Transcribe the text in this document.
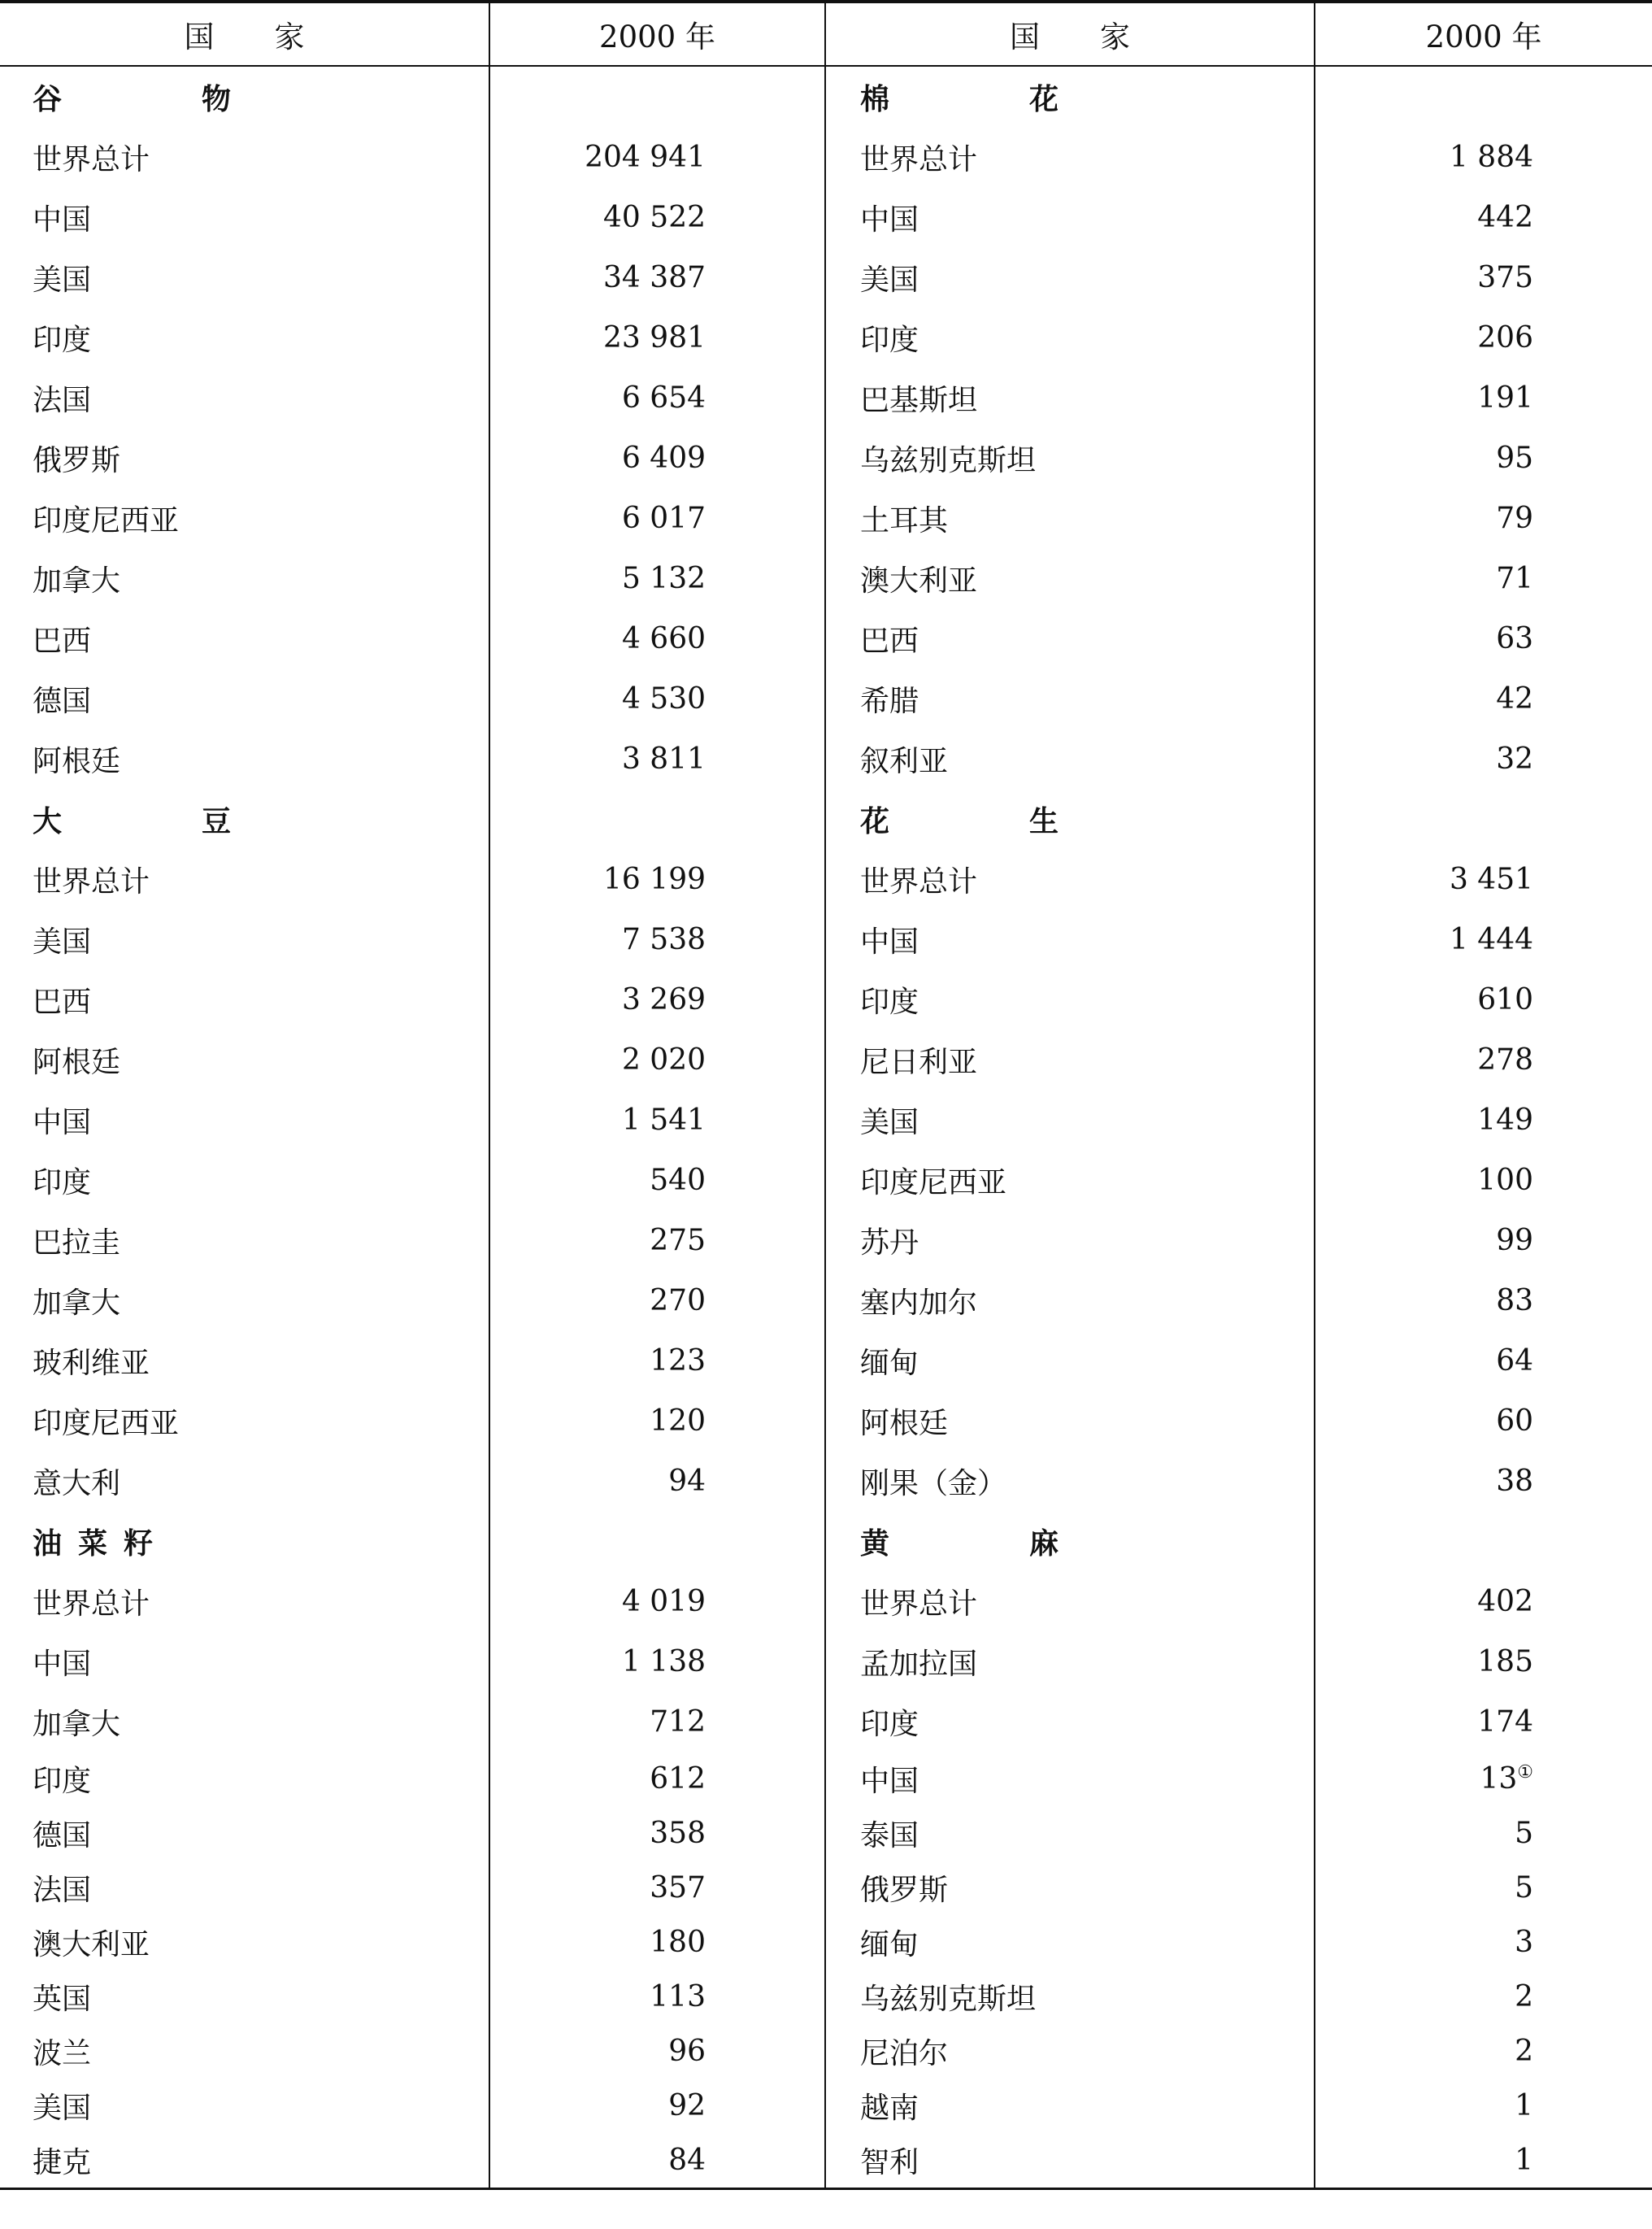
国　　家	2000 年	国　　家	2000 年
谷　物		棉　花	
世界总计	204 941	世界总计	1 884
中国	40 522	中国	442
美国	34 387	美国	375
印度	23 981	印度	206
法国	6 654	巴基斯坦	191
俄罗斯	6 409	乌兹别克斯坦	95
印度尼西亚	6 017	土耳其	79
加拿大	5 132	澳大利亚	71
巴西	4 660	巴西	63
德国	4 530	希腊	42
阿根廷	3 811	叙利亚	32
大　豆		花　生	
世界总计	16 199	世界总计	3 451
美国	7 538	中国	1 444
巴西	3 269	印度	610
阿根廷	2 020	尼日利亚	278
中国	1 541	美国	149
印度	540	印度尼西亚	100
巴拉圭	275	苏丹	99
加拿大	270	塞内加尔	83
玻利维亚	123	缅甸	64
印度尼西亚	120	阿根廷	60
意大利	94	刚果（金）	38
油菜籽		黄　麻	
世界总计	4 019	世界总计	402
中国	1 138	孟加拉国	185
加拿大	712	印度	174
印度	612	中国	13①
德国	358	泰国	5
法国	357	俄罗斯	5
澳大利亚	180	缅甸	3
英国	113	乌兹别克斯坦	2
波兰	96	尼泊尔	2
美国	92	越南	1
捷克	84	智利	1
